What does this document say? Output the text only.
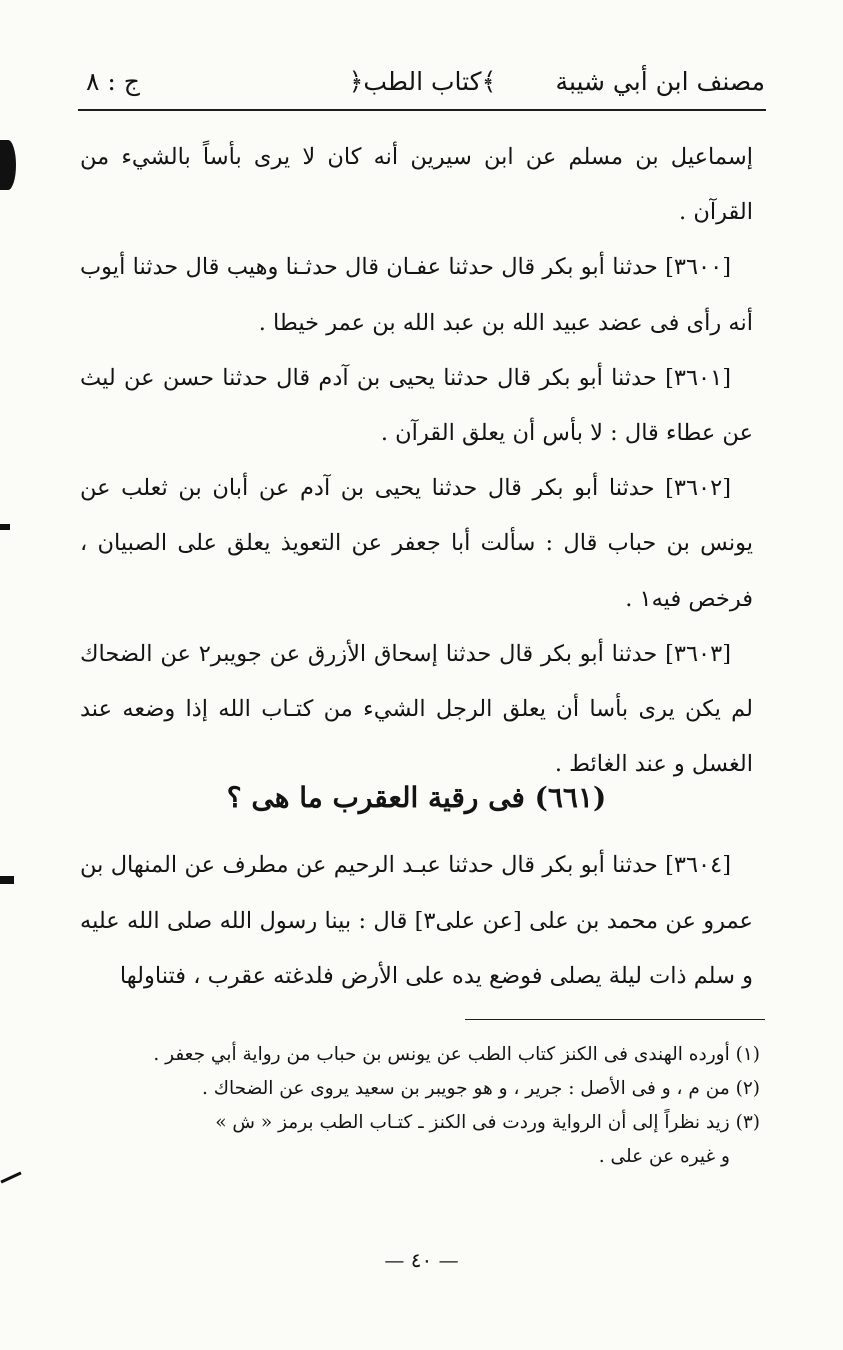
مصنف ابن أبي شيبة
﴿كتاب الطب﴾
ج : ٨

إسماعيل بن مسلم عن ابن سيرين أنه كان لا يرى بأساً بالشيء من القرآن .

[٣٦٠٠] حدثنا أبو بكر قال حدثنا عفـان قال حدثـنا وهيب قال حدثنا أيوب أنه رأى فى عضد عبيد الله بن عبد الله بن عمر خيطا .

[٣٦٠١] حدثنا أبو بكر قال حدثنا يحيى بن آدم قال حدثنا حسن عن ليث عن عطاء قال : لا بأس أن يعلق القرآن .

[٣٦٠٢] حدثنا أبو بكر قال حدثنا يحيى بن آدم عن أبان بن ثعلب عن يونس بن حباب قال : سألت أبا جعفر عن التعويذ يعلق على الصبيان ، فرخص فيه١ .

[٣٦٠٣] حدثنا أبو بكر قال حدثنا إسحاق الأزرق عن جويبر٢ عن الضحاك لم يكن يرى بأسا أن يعلق الرجل الشيء من كتـاب الله إذا وضعه عند الغسل و عند الغائط .

(٦٦١) فى رقية العقرب ما هى ؟

[٣٦٠٤] حدثنا أبو بكر قال حدثنا عبـد الرحيم عن مطرف عن المنهال بن عمرو عن محمد بن على [عن على٣] قال : بينا رسول الله صلى الله عليه و سلم ذات ليلة يصلى فوضع يده على الأرض فلدغته عقرب ، فتناولها

(١) أورده الهندى فى الكنز كتاب الطب عن يونس بن حباب من رواية أبي جعفر .

(٢) من م ، و فى الأصل : جرير ، و هو جويبر بن سعيد يروى عن الضحاك .

(٣) زيد نظراً إلى أن الرواية وردت فى الكنز ـ كتـاب الطب برمز « ش »

و غيره عن على .

— ٤٠ —
